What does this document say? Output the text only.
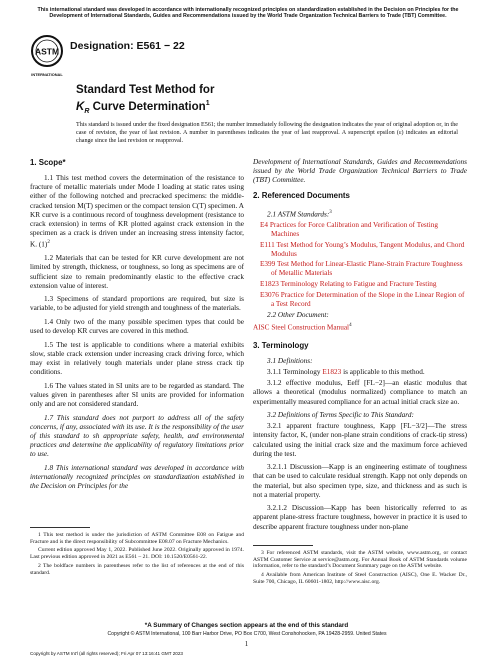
This international standard was developed in accordance with internationally recognized principles on standardization established in the Decision on Principles for the Development of International Standards, Guides and Recommendations issued by the World Trade Organization Technical Barriers to Trade (TBT) Committee.
ASTM
INTERNATIONAL
Designation: E561 − 22
Standard Test Method for
$K_R$ Curve Determination$^1$
This standard is issued under the fixed designation E561; the number immediately following the designation indicates the year of original adoption or, in the case of revision, the year of last revision. A number in parentheses indicates the year of last reapproval. A superscript epsilon (ε) indicates an editorial change since the last revision or reapproval.
1. Scope*

1.1 This test method covers the determination of the resistance to fracture of metallic materials under Mode I loading at static rates using either of the following notched and precracked specimens: the middle-cracked tension M(T) specimen or the compact tension C(T) specimen. A KR curve is a continuous record of toughness development (resistance to crack extension) in terms of KR plotted against crack extension in the specimen as a crack is driven under an increasing stress intensity factor, K. $(1)^2$

1.2 Materials that can be tested for KR curve development are not limited by strength, thickness, or toughness, so long as specimens are of sufficient size to remain predominantly elastic to the effective crack extension value of interest.

1.3 Specimens of standard proportions are required, but size is variable, to be adjusted for yield strength and toughness of the materials.

1.4 Only two of the many possible specimen types that could be used to develop KR curves are covered in this method.

1.5 The test is applicable to conditions where a material exhibits slow, stable crack extension under increasing crack driving force, which may exist in relatively tough materials under plane stress crack tip conditions.

1.6 The values stated in SI units are to be regarded as standard. The values given in parentheses after SI units are provided for information only and are not considered standard.

1.7 This standard does not purport to address all of the safety concerns, if any, associated with its use. It is the responsibility of the user of this standard to sh appropriate safety, health, and environmental practices and determine the applicability of regulatory limitations prior to use.

1.8 This international standard was developed in accordance with internationally recognized principles on standardization established in the Decision on Principles for the

Development of International Standards, Guides and Recommendations issued by the World Trade Organization Technical Barriers to Trade (TBT) Committee.

2. Referenced Documents

2.1 ASTM Standards:$^3$

E4 Practices for Force Calibration and Verification of Testing Machines

E111 Test Method for Young’s Modulus, Tangent Modulus, and Chord Modulus

E399 Test Method for Linear-Elastic Plane-Strain Fracture Toughness of Metallic Materials

E1823 Terminology Relating to Fatigue and Fracture Testing

E3076 Practice for Determination of the Slope in the Linear Region of a Test Record

2.2 Other Document:

AISC Steel Construction Manual$^4$

3. Terminology

3.1 Definitions:

3.1.1 Terminology E1823 is applicable to this method.

3.1.2 effective modulus, Eeff [FL−2]—an elastic modulus that allows a theoretical (modulus normalized) compliance to match an experimentally measured compliance for an actual initial crack size ao.

3.2 Definitions of Terms Specific to This Standard:

3.2.1 apparent fracture toughness, Kapp [FL−3/2]—The stress intensity factor, K, (under non-plane strain conditions of crack-tip stress) calculated using the initial crack size and the maximum force achieved during the test.

3.2.1.1 Discussion—Kapp is an engineering estimate of toughness that can be used to calculate residual strength. Kapp not only depends on the material, but also specimen type, size, and thickness and as such is not a material property.

3.2.1.2 Discussion—Kapp has been historically referred to as apparent plane-stress fracture toughness, however in practice it is used to describe apparent fracture toughness under non-plane

1 This test method is under the jurisdiction of ASTM Committee E08 on Fatigue and Fracture and is the direct responsibility of Subcommittee E08.07 on Fracture Mechanics.

Current edition approved May 1, 2022. Published June 2022. Originally approved in 1974. Last previous edition approved in 2021 as E561 – 21. DOI: 10.1520/E0561-22.

2 The boldface numbers in parentheses refer to the list of references at the end of this standard.

3 For referenced ASTM standards, visit the ASTM website, www.astm.org, or contact ASTM Customer Service at service@astm.org. For Annual Book of ASTM Standards volume information, refer to the standard’s Document Summary page on the ASTM website.

4 Available from American Institute of Steel Construction (AISC), One E. Wacker Dr., Suite 700, Chicago, IL 60601-1802, http://www.aisc.org.

*A Summary of Changes section appears at the end of this standard
Copyright © ASTM International, 100 Barr Harbor Drive, PO Box C700, West Conshohocken, PA 19428-2959. United States
1
Copyright by ASTM Int'l (all rights reserved); Fri Apr 07 13:16:41 GMT 2023
